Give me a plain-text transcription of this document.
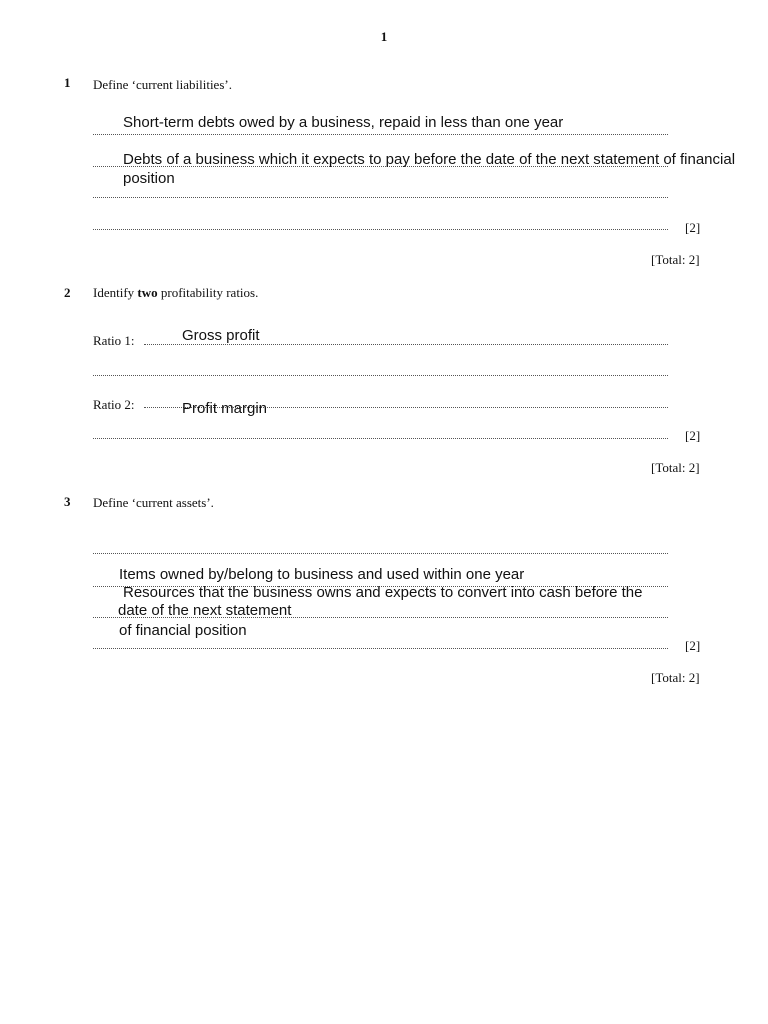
1
1 Define ‘current liabilities’.
Short-term debts owed by a business, repaid in less than one year
Debts of a business which it expects to pay before the date of the next statement of financial
position
[2]
[Total: 2]
2 Identify two profitability ratios.
Ratio 1:	Gross profit
Ratio 2:	Profit margin
[2]
[Total: 2]
3 Define ‘current assets’.
Items owned by/belong to business and used within one year
Resources that the business owns and expects to convert into cash before the
date of the next statement
of financial position
[2]
[Total: 2]
